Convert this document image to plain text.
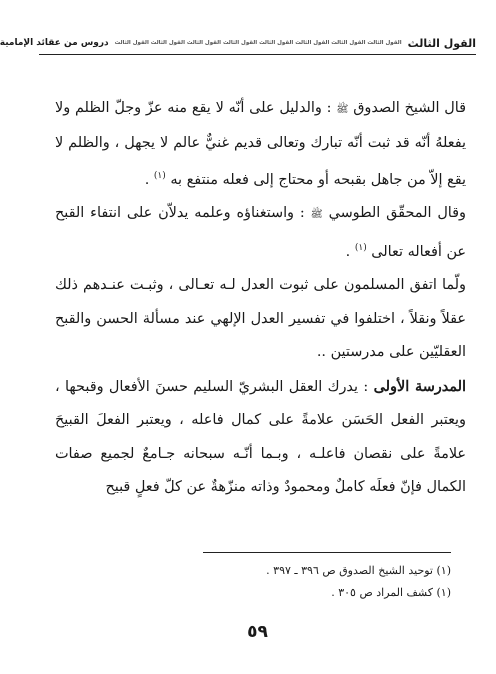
القول الثالث
القول الثالث القول الثالث القول الثالث القول الثالث القول الثالث القول الثالث القول الثالث القول الثالث
دروس من عقائد الإمامية

قال الشيخ الصدوق ﷺ : والدليل على أنّه لا يقع منه عزّ وجلّ الظلم ولا يفعلهُ أنّه قد ثبت أنّه تبارك وتعالى قديم غنيٌّ عالم لا يجهل ، والظلم لا يقع إلاّ من جاهل بقبحه أو محتاج إلى فعله منتفع به $^{(١)}$ .

وقال المحقّق الطوسي ﷺ : واستغناؤه وعلمه يدلاّن على انتفاء القبح عن أفعاله تعالى $^{(١)}$ .

ولّما اتفق المسلمون على ثبوت العدل لـه تعـالى ، وثبـت عنـدهم ذلك عقلاً ونقلاً ، اختلفوا في تفسير العدل الإلهي عند مسألة الحسن والقبح العقليّين على مدرستين ..

المدرسة الأولى : يدرك العقل البشريّ السليم حسنَ الأفعال وقبحها ، ويعتبر الفعل الحَسَن علامةً على كمال فاعله ، ويعتبر الفعلَ القبيحَ علامةً على نقصان فاعلـه ، وبـما أنّـه سبحانه جـامعٌ لجميع صفات الكمال فإنّ فعلَه كاملٌ ومحمودٌ وذاته منزّهةٌ عن كلّ فعلٍ قبيح

(١) توحيد الشيخ الصدوق ص ٣٩٦ ـ ٣٩٧ .
(١) كشف المراد ص ٣٠٥ .
٥٩
